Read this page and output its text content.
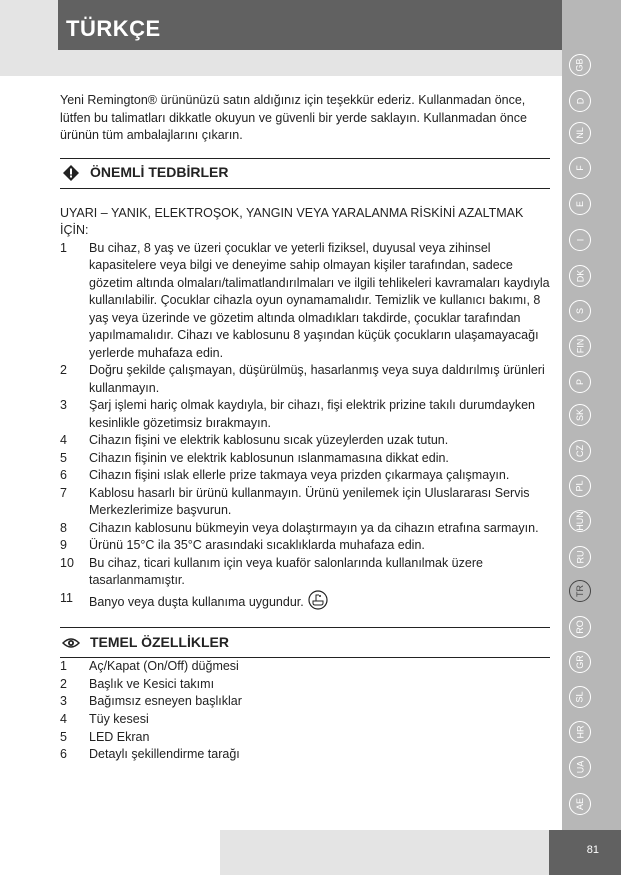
TÜRKÇE
GB
D
NL
F
E
I
DK
S
FIN
P
SK
CZ
PL
HUN
RU
TR
RO
GR
SL
HR
UA
AE

Yeni Remington® ürününüzü satın aldığınız için teşekkür ederiz. Kullanmadan önce, lütfen bu talimatları dikkatle okuyun ve güvenli bir yerde saklayın. Kullanmadan önce ürünün tüm ambalajlarını çıkarın.

ÖNEMLİ TEDBİRLER
UYARI – YANIK, ELEKTROŞOK, YANGIN VEYA YARALANMA RİSKİNİ AZALTMAK İÇİN:
1 Bu cihaz, 8 yaş ve üzeri çocuklar ve yeterli fiziksel, duyusal veya zihinsel kapasitelere veya bilgi ve deneyime sahip olmayan kişiler tarafından, sadece gözetim altında olmaları/talimatlandırılmaları ve ilgili tehlikeleri kavramaları kaydıyla kullanılabilir. Çocuklar cihazla oyun oynamamalıdır. Temizlik ve kullanıcı bakımı, 8 yaş veya üzerinde ve gözetim altında olmadıkları takdirde, çocuklar tarafından yapılmamalıdır. Cihazı ve kablosunu 8 yaşından küçük çocukların ulaşamayacağı yerlerde muhafaza edin.
2 Doğru şekilde çalışmayan, düşürülmüş, hasarlanmış veya suya daldırılmış ürünleri kullanmayın.
3 Şarj işlemi hariç olmak kaydıyla, bir cihazı, fişi elektrik prizine takılı durumdayken kesinlikle gözetimsiz bırakmayın.
4 Cihazın fişini ve elektrik kablosunu sıcak yüzeylerden uzak tutun.
5 Cihazın fişinin ve elektrik kablosunun ıslanmamasına dikkat edin.
6 Cihazın fişini ıslak ellerle prize takmaya veya prizden çıkarmaya çalışmayın.
7 Kablosu hasarlı bir ürünü kullanmayın. Ürünü yenilemek için Uluslararası Servis Merkezlerimize başvurun.
8 Cihazın kablosunu bükmeyin veya dolaştırmayın ya da cihazın etrafına sarmayın.
9 Ürünü 15°C ila 35°C arasındaki sıcaklıklarda muhafaza edin.
10 Bu cihaz, ticari kullanım için veya kuaför salonlarında kullanılmak üzere tasarlanmamıştır.
11 Banyo veya duşta kullanıma uygundur.
TEMEL ÖZELLİKLER
1 Aç/Kapat (On/Off) düğmesi
2 Başlık ve Kesici takımı
3 Bağımsız esneyen başlıklar
4 Tüy kesesi
5 LED Ekran
6 Detaylı şekillendirme tarağı
81
